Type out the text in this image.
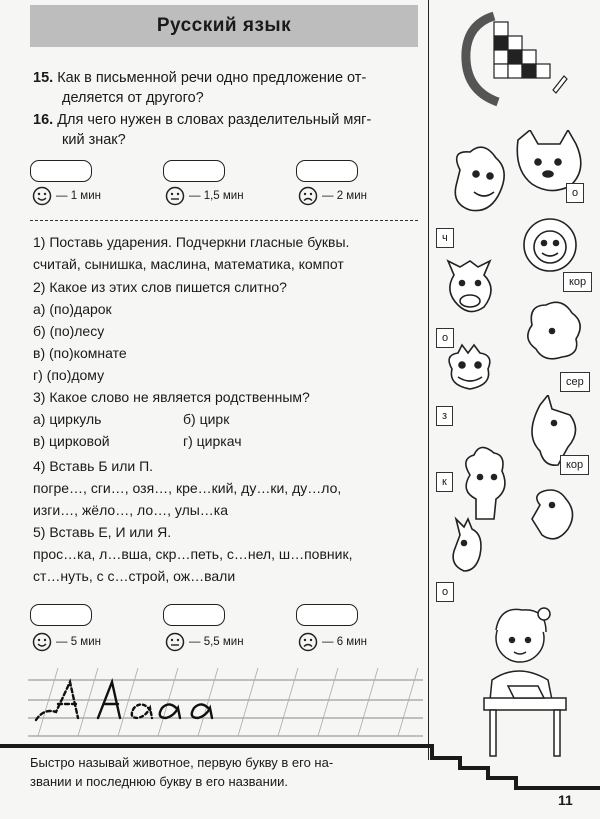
Русский язык
15. Как в письменной речи одно предложение от-
деляется от другого?
16. Для чего нужен в словах разделительный мяг-
кий знак?
— 1 мин	— 1,5 мин	— 2 мин
1) Поставь ударения. Подчеркни гласные буквы.
считай, сынишка, маслина, математика, компот
2) Какое из этих слов пишется слитно?
а) (по)дарок
б) (по)лесу
в) (по)комнате
г) (по)дому
3) Какое слово не является родственным?
а) циркуль	б) цирк
в) цирковой	г) циркач
4) Вставь Б или П.
погре…, сги…, озя…, кре…кий, ду…ки, ду…ло,
изги…, жёло…, ло…, улы…ка
5) Вставь Е, И или Я.
прос…ка, л…вша, скр…петь, с…нел, ш…повник,
ст…нуть, с с…строй, ож…вали
— 5 мин	— 5,5 мин	— 6 мин
о
ч
кор
о
сер
з
кор
к
о
Быстро называй животное, первую букву в его на-
звании и последнюю букву в его названии.
11
